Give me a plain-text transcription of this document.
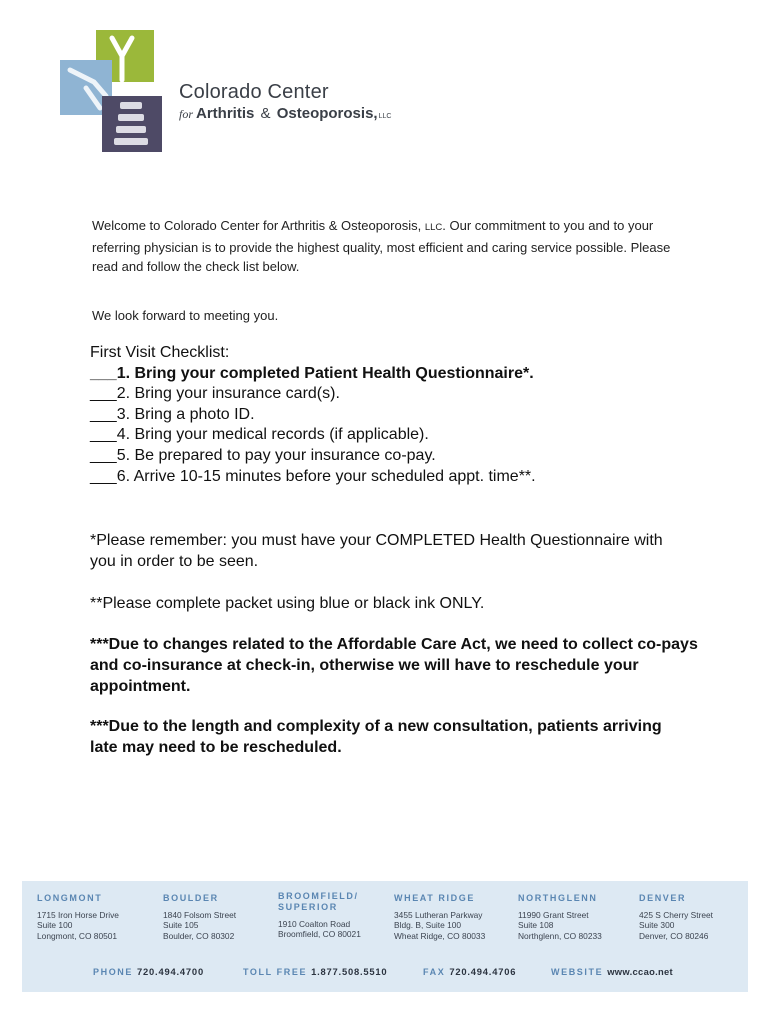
Colorado Center
for Arthritis & Osteoporosis,LLC
Welcome to Colorado Center for Arthritis & Osteoporosis, LLC. Our commitment to you and to your referring physician is to provide the highest quality, most efficient and caring service possible. Please read and follow the check list below.
We look forward to meeting you.
First Visit Checklist:
___1. Bring your completed Patient Health Questionnaire*.
___2. Bring your insurance card(s).
___3. Bring a photo ID.
___4. Bring your medical records (if applicable).
___5. Be prepared to pay your insurance co-pay.
___6. Arrive 10-15 minutes before your scheduled appt. time**.
*Please remember: you must have your COMPLETED Health Questionnaire with you in order to be seen.
**Please complete packet using blue or black ink ONLY.
***Due to changes related to the Affordable Care Act, we need to collect co-pays and co-insurance at check-in, otherwise we will have to reschedule your appointment.
***Due to the length and complexity of a new consultation, patients arriving late may need to be rescheduled.
LONGMONT
1715 Iron Horse Drive
Suite 100
Longmont, CO 80501
BOULDER
1840 Folsom Street
Suite 105
Boulder, CO 80302
BROOMFIELD/
SUPERIOR
1910 Coalton Road
Broomfield, CO 80021
WHEAT RIDGE
3455 Lutheran Parkway
Bldg. B, Suite 100
Wheat Ridge, CO 80033
NORTHGLENN
11990 Grant Street
Suite 108
Northglenn, CO 80233
DENVER
425 S Cherry Street
Suite 300
Denver, CO 80246
PHONE 720.494.4700	TOLL FREE 1.877.508.5510	FAX 720.494.4706	WEBSITE www.ccao.net
